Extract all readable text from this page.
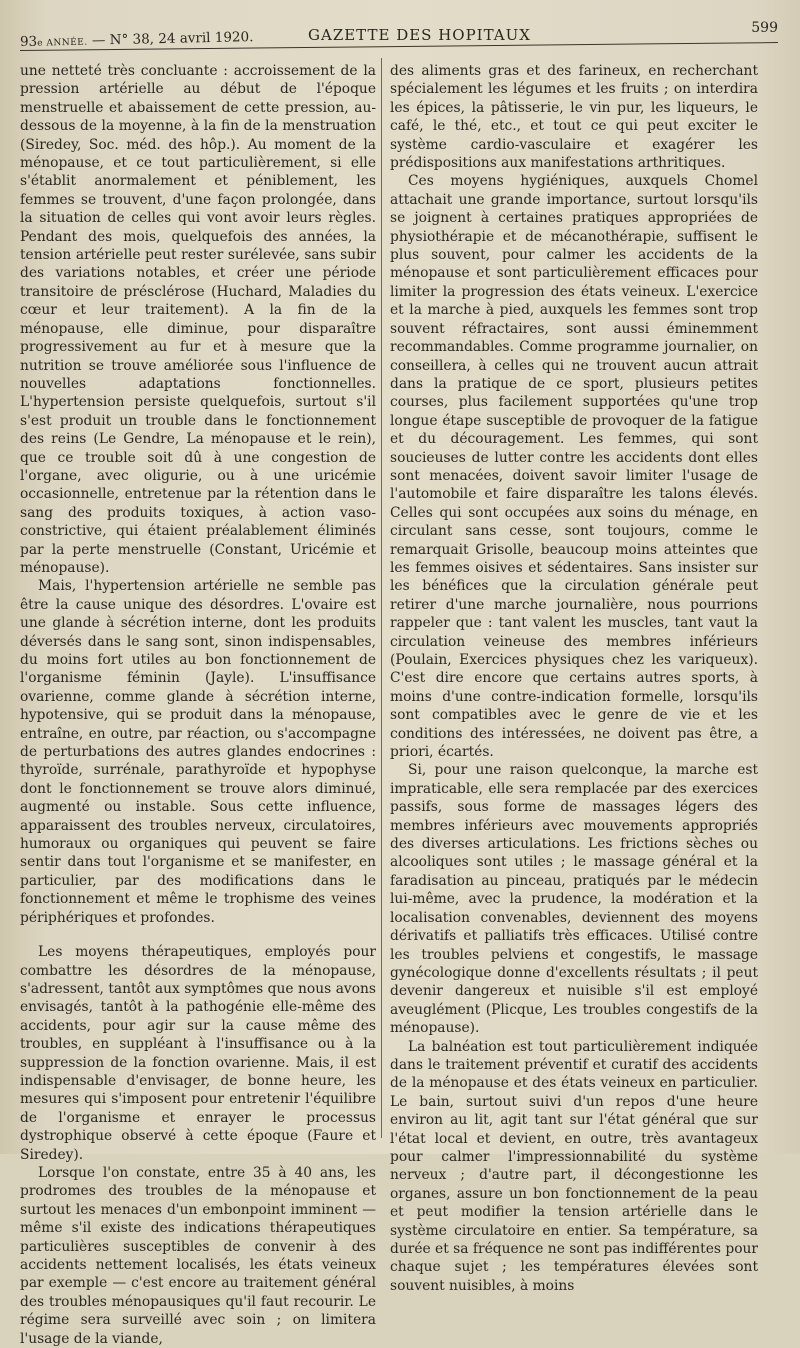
93e ANNÉE. — N° 38, 24 avril 1920.	GAZETTE DES HOPITAUX	599

une netteté très concluante : accroissement de la pression artérielle au début de l'époque menstruelle et abaissement de cette pression, au-dessous de la moyenne, à la fin de la menstruation (Siredey, Soc. méd. des hôp.). Au moment de la ménopause, et ce tout particulièrement, si elle s'établit anormalement et péniblement, les femmes se trouvent, d'une façon prolongée, dans la situation de celles qui vont avoir leurs règles. Pendant des mois, quelquefois des années, la tension artérielle peut rester surélevée, sans subir des variations notables, et créer une période transitoire de présclérose (Huchard, Maladies du cœur et leur traitement). A la fin de la ménopause, elle diminue, pour disparaître progressivement au fur et à mesure que la nutrition se trouve améliorée sous l'influence de nouvelles adaptations fonctionnelles. L'hypertension persiste quelquefois, surtout s'il s'est produit un trouble dans le fonctionnement des reins (Le Gendre, La ménopause et le rein), que ce trouble soit dû à une congestion de l'organe, avec oligurie, ou à une uricémie occasionnelle, entretenue par la rétention dans le sang des produits toxiques, à action vaso-constrictive, qui étaient préalablement éliminés par la perte menstruelle (Constant, Uricémie et ménopause).

Mais, l'hypertension artérielle ne semble pas être la cause unique des désordres. L'ovaire est une glande à sécrétion interne, dont les produits déversés dans le sang sont, sinon indispensables, du moins fort utiles au bon fonctionnement de l'organisme féminin (Jayle). L'insuffisance ovarienne, comme glande à sécrétion interne, hypotensive, qui se produit dans la ménopause, entraîne, en outre, par réaction, ou s'accompagne de perturbations des autres glandes endocrines : thyroïde, surrénale, parathyroïde et hypophyse dont le fonctionnement se trouve alors diminué, augmenté ou instable. Sous cette influence, apparaissent des troubles nerveux, circulatoires, humoraux ou organiques qui peuvent se faire sentir dans tout l'organisme et se manifester, en particulier, par des modifications dans le fonctionnement et même le trophisme des veines périphériques et profondes.

Les moyens thérapeutiques, employés pour combattre les désordres de la ménopause, s'adressent, tantôt aux symptômes que nous avons envisagés, tantôt à la pathogénie elle-même des accidents, pour agir sur la cause même des troubles, en suppléant à l'insuffisance ou à la suppression de la fonction ovarienne. Mais, il est indispensable d'envisager, de bonne heure, les mesures qui s'imposent pour entretenir l'équilibre de l'organisme et enrayer le processus dystrophique observé à cette époque (Faure et Siredey).

Lorsque l'on constate, entre 35 à 40 ans, les prodromes des troubles de la ménopause et surtout les menaces d'un embonpoint imminent — même s'il existe des indications thérapeutiques particulières susceptibles de convenir à des accidents nettement localisés, les états veineux par exemple — c'est encore au traitement général des troubles ménopausiques qu'il faut recourir. Le régime sera surveillé avec soin ; on limitera l'usage de la viande,

des aliments gras et des farineux, en recherchant spécialement les légumes et les fruits ; on interdira les épices, la pâtisserie, le vin pur, les liqueurs, le café, le thé, etc., et tout ce qui peut exciter le système cardio-vasculaire et exagérer les prédispositions aux manifestations arthritiques.

Ces moyens hygiéniques, auxquels Chomel attachait une grande importance, surtout lorsqu'ils se joignent à certaines pratiques appropriées de physiothérapie et de mécanothérapie, suffisent le plus souvent, pour calmer les accidents de la ménopause et sont particulièrement efficaces pour limiter la progression des états veineux. L'exercice et la marche à pied, auxquels les femmes sont trop souvent réfractaires, sont aussi éminemment recommandables. Comme programme journalier, on conseillera, à celles qui ne trouvent aucun attrait dans la pratique de ce sport, plusieurs petites courses, plus facilement supportées qu'une trop longue étape susceptible de provoquer de la fatigue et du découragement. Les femmes, qui sont soucieuses de lutter contre les accidents dont elles sont menacées, doivent savoir limiter l'usage de l'automobile et faire disparaître les talons élevés. Celles qui sont occupées aux soins du ménage, en circulant sans cesse, sont toujours, comme le remarquait Grisolle, beaucoup moins atteintes que les femmes oisives et sédentaires. Sans insister sur les bénéfices que la circulation générale peut retirer d'une marche journalière, nous pourrions rappeler que : tant valent les muscles, tant vaut la circulation veineuse des membres inférieurs (Poulain, Exercices physiques chez les variqueux). C'est dire encore que certains autres sports, à moins d'une contre-indication formelle, lorsqu'ils sont compatibles avec le genre de vie et les conditions des intéressées, ne doivent pas être, a priori, écartés.

Si, pour une raison quelconque, la marche est impraticable, elle sera remplacée par des exercices passifs, sous forme de massages légers des membres inférieurs avec mouvements appropriés des diverses articulations. Les frictions sèches ou alcooliques sont utiles ; le massage général et la faradisation au pinceau, pratiqués par le médecin lui-même, avec la prudence, la modération et la localisation convenables, deviennent des moyens dérivatifs et palliatifs très efficaces. Utilisé contre les troubles pelviens et congestifs, le massage gynécologique donne d'excellents résultats ; il peut devenir dangereux et nuisible s'il est employé aveuglément (Plicque, Les troubles congestifs de la ménopause).

La balnéation est tout particulièrement indiquée dans le traitement préventif et curatif des accidents de la ménopause et des états veineux en particulier. Le bain, surtout suivi d'un repos d'une heure environ au lit, agit tant sur l'état général que sur l'état local et devient, en outre, très avantageux pour calmer l'impressionnabilité du système nerveux ; d'autre part, il décongestionne les organes, assure un bon fonctionnement de la peau et peut modifier la tension artérielle dans le système circulatoire en entier. Sa température, sa durée et sa fréquence ne sont pas indifférentes pour chaque sujet ; les températures élevées sont souvent nuisibles, à moins
